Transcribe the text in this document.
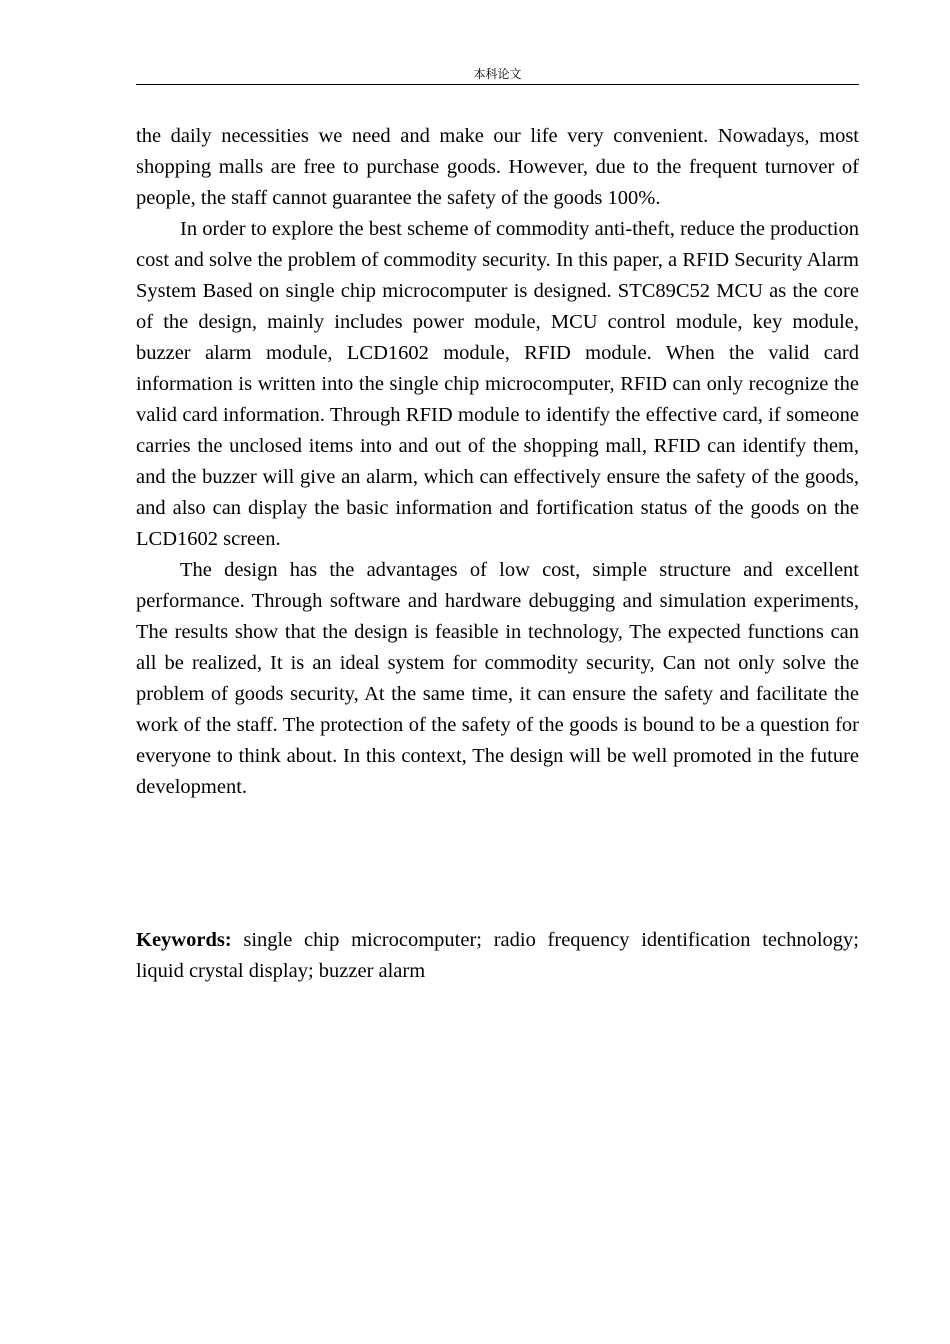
本科论文

the daily necessities we need and make our life very convenient. Nowadays, most shopping malls are free to purchase goods. However, due to the frequent turnover of people, the staff cannot guarantee the safety of the goods 100%.

In order to explore the best scheme of commodity anti-theft, reduce the production cost and solve the problem of commodity security. In this paper, a RFID Security Alarm System Based on single chip microcomputer is designed. STC89C52 MCU as the core of the design, mainly includes power module, MCU control module, key module, buzzer alarm module, LCD1602 module, RFID module. When the valid card information is written into the single chip microcomputer, RFID can only recognize the valid card information. Through RFID module to identify the effective card, if someone carries the unclosed items into and out of the shopping mall, RFID can identify them, and the buzzer will give an alarm, which can effectively ensure the safety of the goods, and also can display the basic information and fortification status of the goods on the LCD1602 screen.

The design has the advantages of low cost, simple structure and excellent performance. Through software and hardware debugging and simulation experiments, The results show that the design is feasible in technology, The expected functions can all be realized, It is an ideal system for commodity security, Can not only solve the problem of goods security, At the same time, it can ensure the safety and facilitate the work of the staff. The protection of the safety of the goods is bound to be a question for everyone to think about. In this context, The design will be well promoted in the future development.

Keywords: single chip microcomputer; radio frequency identification technology; liquid crystal display; buzzer alarm
